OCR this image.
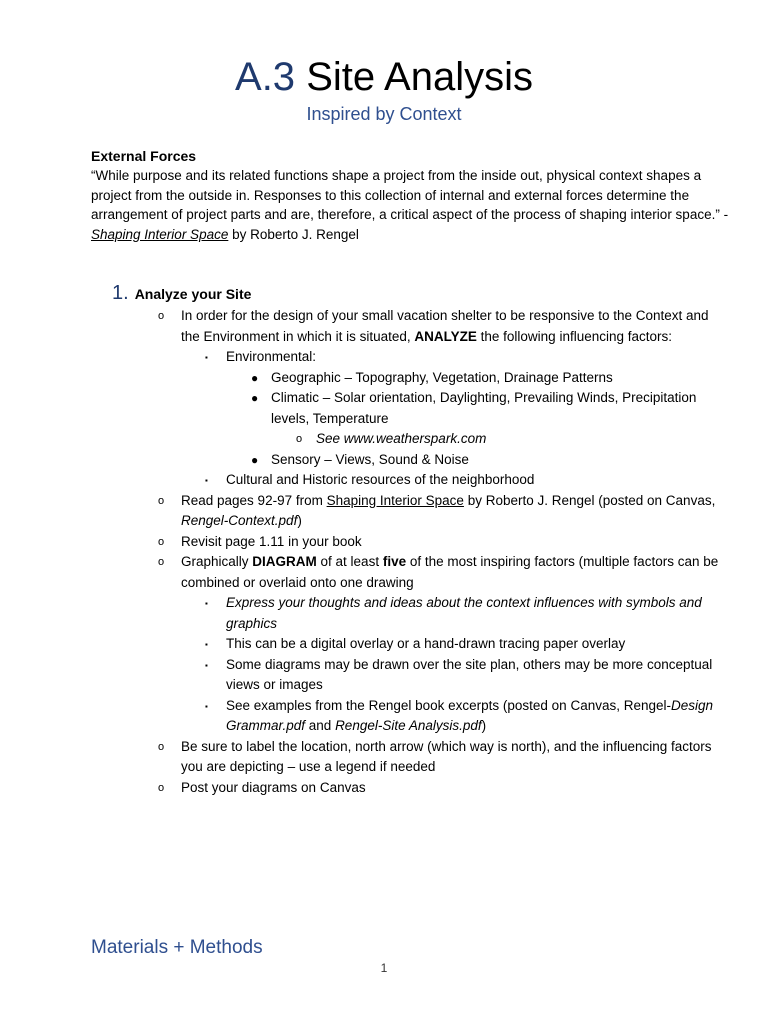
A.3 Site Analysis
Inspired by Context
External Forces
“While purpose and its related functions shape a project from the inside out, physical context shapes a project from the outside in. Responses to this collection of internal and external forces determine the arrangement of project parts and are, therefore, a critical aspect of the process of shaping interior space.” - Shaping Interior Space by Roberto J. Rengel
1. Analyze your Site
o In order for the design of your small vacation shelter to be responsive to the Context and the Environment in which it is situated, ANALYZE the following influencing factors:
▪ Environmental:
● Geographic – Topography, Vegetation, Drainage Patterns
● Climatic – Solar orientation, Daylighting, Prevailing Winds, Precipitation levels, Temperature
o See www.weatherspark.com
● Sensory – Views, Sound & Noise
▪ Cultural and Historic resources of the neighborhood
o Read pages 92-97 from Shaping Interior Space by Roberto J. Rengel (posted on Canvas, Rengel-Context.pdf)
o Revisit page 1.11 in your book
o Graphically DIAGRAM of at least five of the most inspiring factors (multiple factors can be combined or overlaid onto one drawing
▪ Express your thoughts and ideas about the context influences with symbols and graphics
▪ This can be a digital overlay or a hand-drawn tracing paper overlay
▪ Some diagrams may be drawn over the site plan, others may be more conceptual views or images
▪ See examples from the Rengel book excerpts (posted on Canvas, Rengel-Design Grammar.pdf and Rengel-Site Analysis.pdf)
o Be sure to label the location, north arrow (which way is north), and the influencing factors you are depicting – use a legend if needed
o Post your diagrams on Canvas
Materials + Methods
1
